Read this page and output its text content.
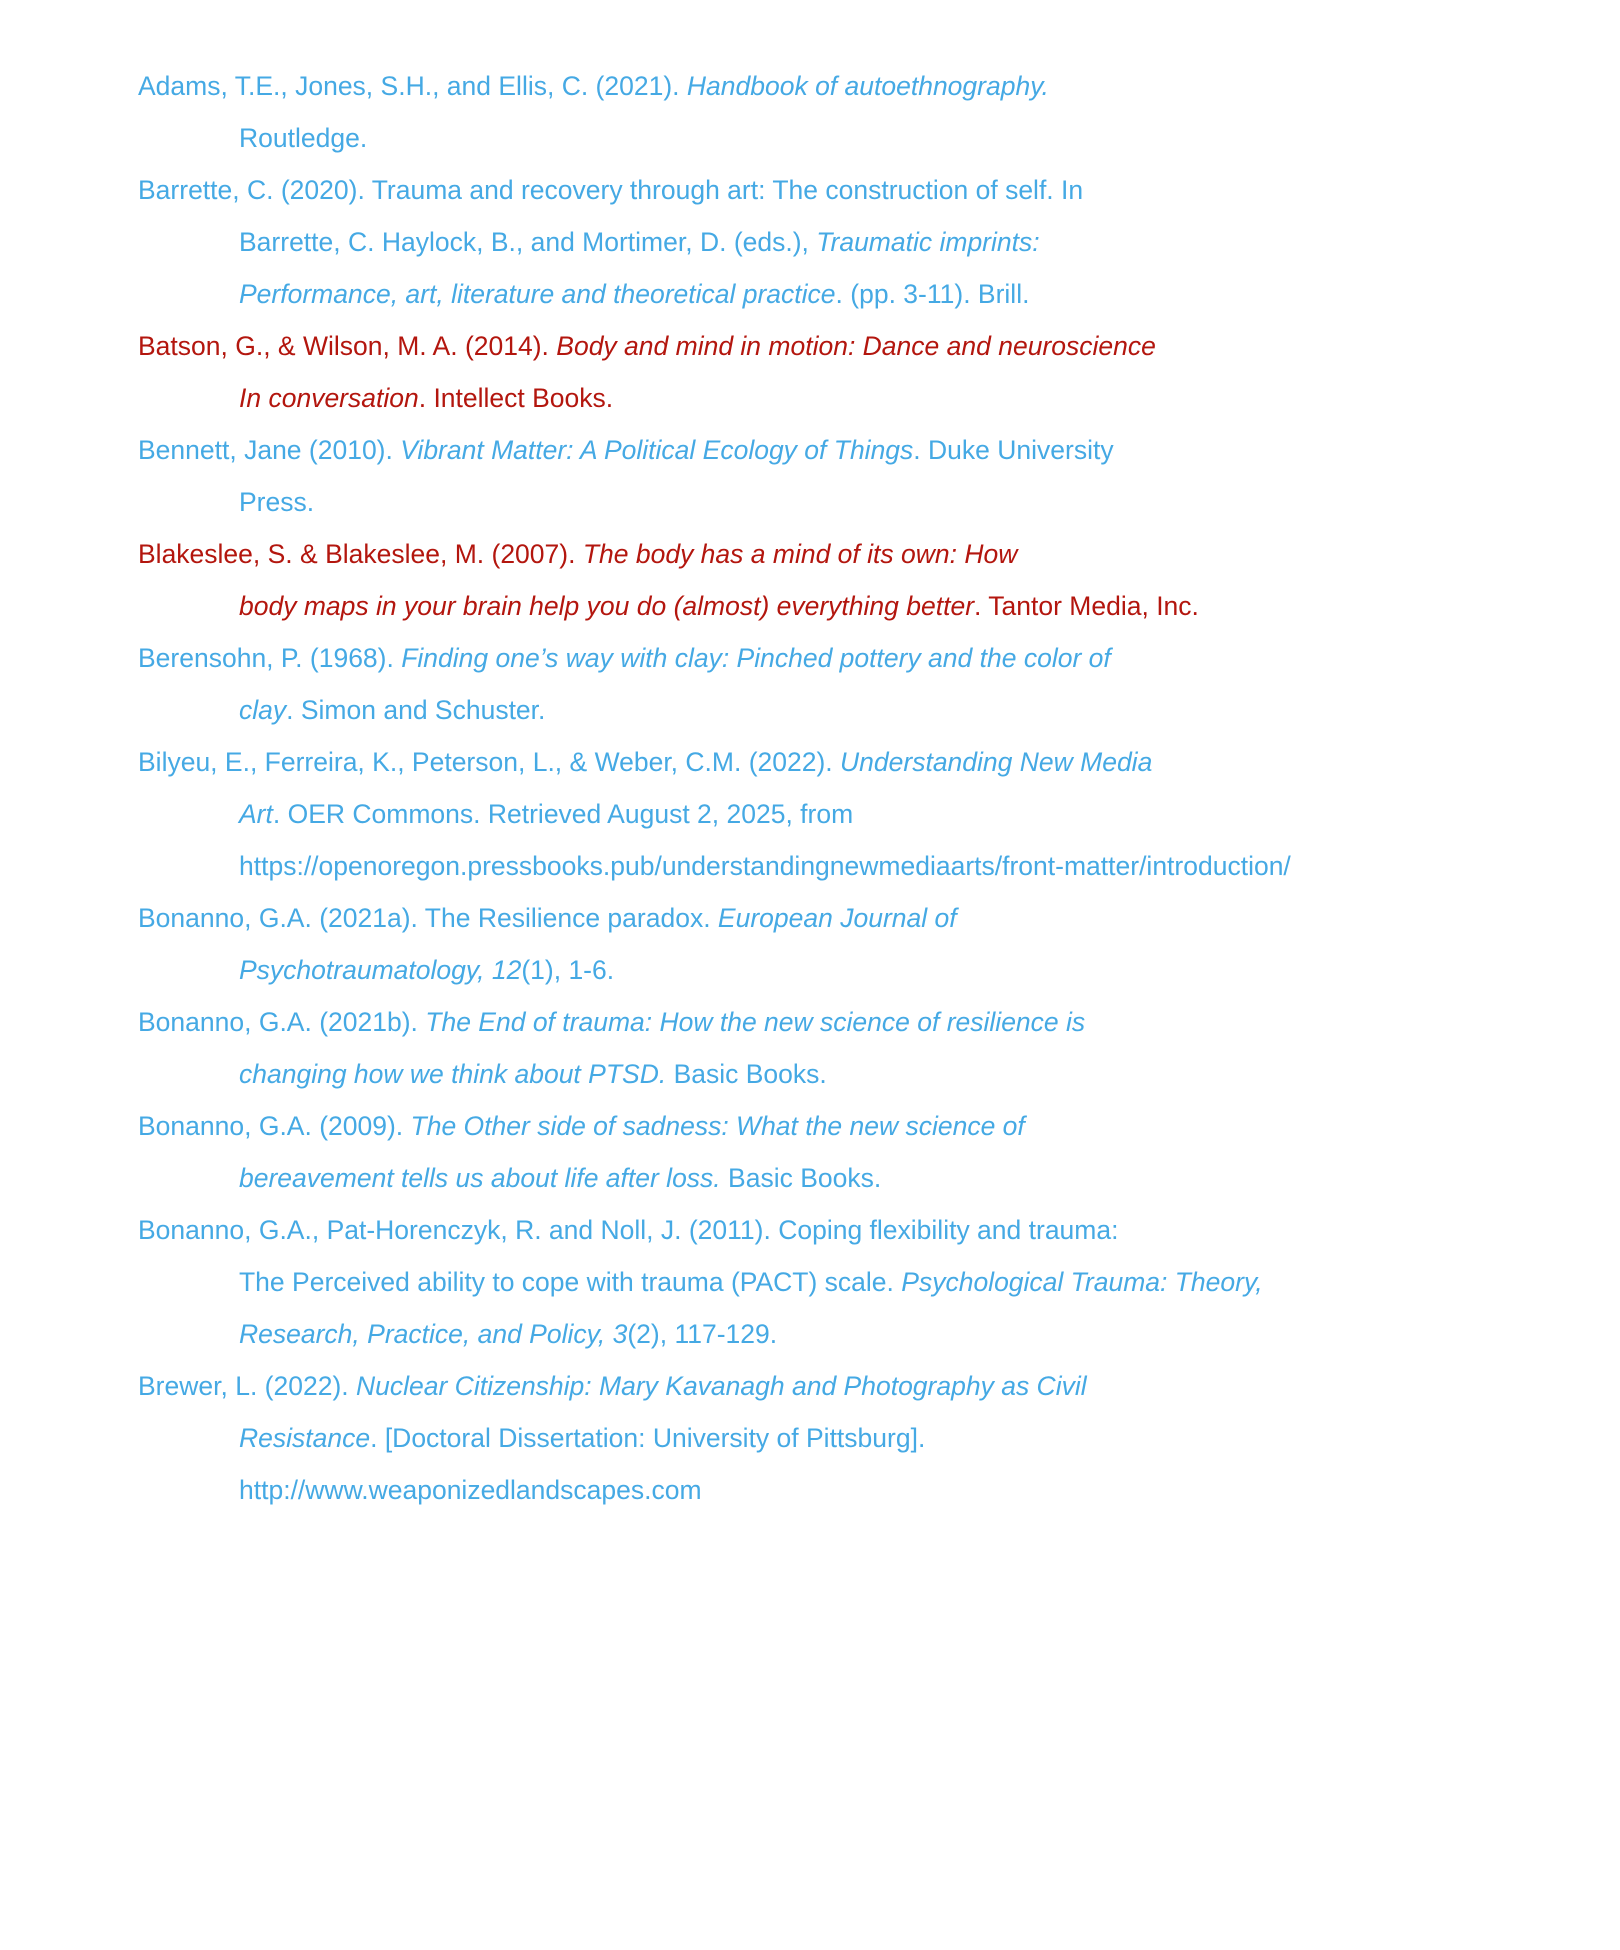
Adams, T.E., Jones, S.H., and Ellis, C. (2021). Handbook of autoethnography.
Routledge.
Barrette, C. (2020). Trauma and recovery through art: The construction of self. In
Barrette, C. Haylock, B., and Mortimer, D. (eds.), Traumatic imprints:
Performance, art, literature and theoretical practice. (pp. 3-11). Brill.
Batson, G., & Wilson, M. A. (2014). Body and mind in motion: Dance and neuroscience
In conversation. Intellect Books.
Bennett, Jane (2010). Vibrant Matter: A Political Ecology of Things. Duke University
Press.
Blakeslee, S. & Blakeslee, M. (2007). The body has a mind of its own: How
body maps in your brain help you do (almost) everything better. Tantor Media, Inc.
Berensohn, P. (1968). Finding one’s way with clay: Pinched pottery and the color of
clay. Simon and Schuster.
Bilyeu, E., Ferreira, K., Peterson, L., & Weber, C.M. (2022). Understanding New Media
Art. OER Commons. Retrieved August 2, 2025, from
https://openoregon.pressbooks.pub/understandingnewmediaarts/front-matter/introduction/
Bonanno, G.A. (2021a). The Resilience paradox. European Journal of
Psychotraumatology, 12(1), 1-6.
Bonanno, G.A. (2021b). The End of trauma: How the new science of resilience is
changing how we think about PTSD. Basic Books.
Bonanno, G.A. (2009). The Other side of sadness: What the new science of
bereavement tells us about life after loss. Basic Books.
Bonanno, G.A., Pat-Horenczyk, R. and Noll, J. (2011). Coping flexibility and trauma:
The Perceived ability to cope with trauma (PACT) scale. Psychological Trauma: Theory,
Research, Practice, and Policy, 3(2), 117-129.
Brewer, L. (2022). Nuclear Citizenship: Mary Kavanagh and Photography as Civil
Resistance. [Doctoral Dissertation: University of Pittsburg].
http://www.weaponizedlandscapes.com
